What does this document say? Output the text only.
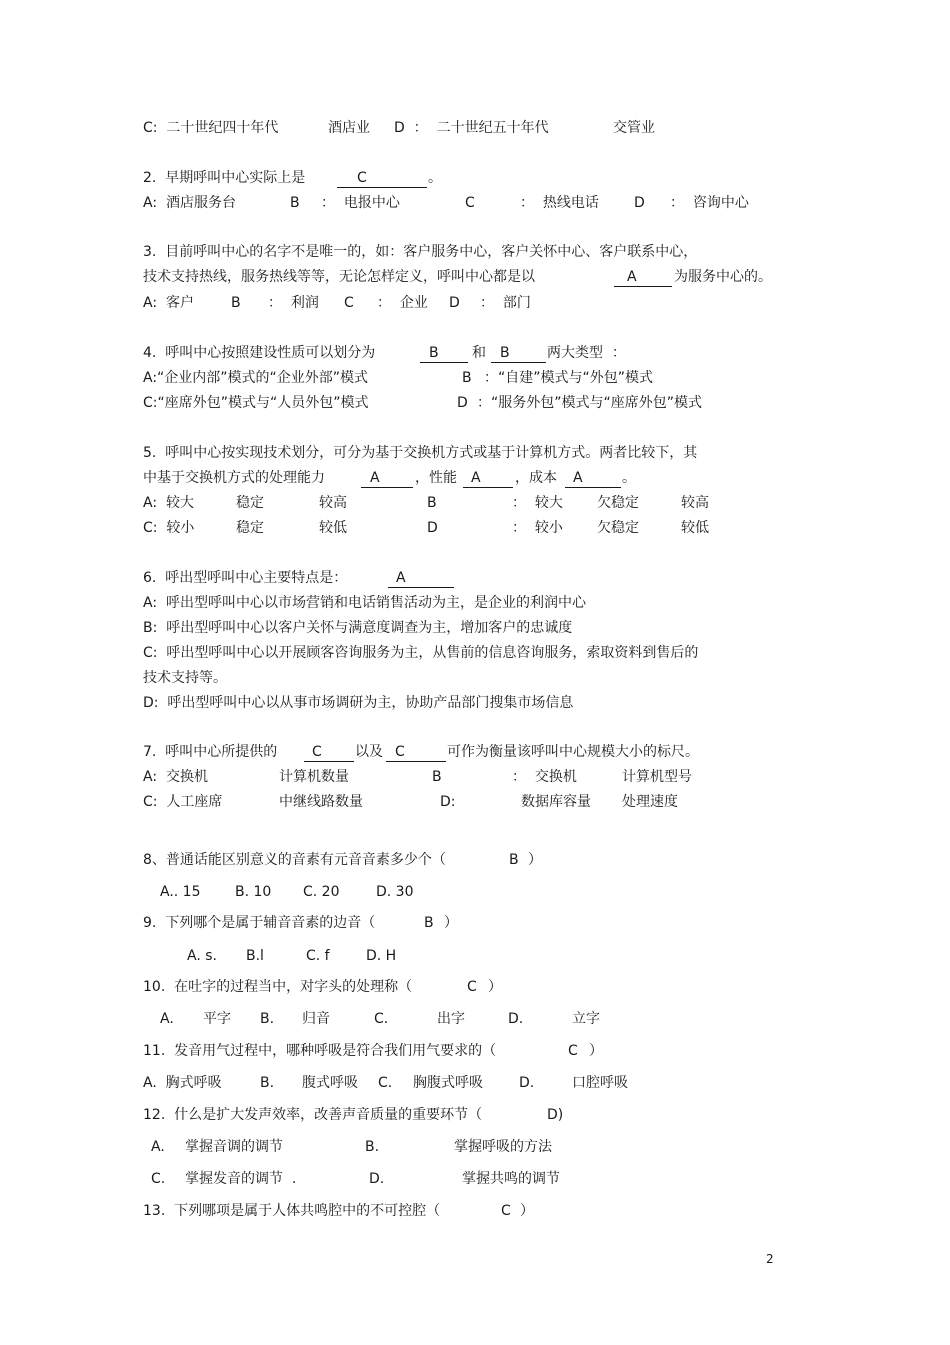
C:  二十世纪四十年代	酒店业 D  ：  二十世纪五十年代	交管业
2.  早期呼叫中心实际上是	C	。
A:  酒店服务台	B ：  电报中心	C	：  热线电话	D ：  咨询中心
3.  目前呼叫中心的名字不是唯一的，如：客户服务中心，客户关怀中心、客户联系中心，
技术支持热线，服务热线等等，无论怎样定义，呼叫中心都是以	A	为服务中心的。
A:  客户	B ：  利润 C ：  企业 D ：  部门
4.  呼叫中心按照建设性质可以划分为	B 和 B	两大类型  ：
A:“企业内部”模式的“企业外部”模式	B ：“自建”模式与“外包”模式
C:“座席外包”模式与“人员外包”模式	D ：“服务外包”模式与“座席外包”模式
5.  呼叫中心按实现技术划分，可分为基于交换机方式或基于计算机方式。两者比较下，其
中基于交换机方式的处理能力	A	，性能 A ，成本 A	。
A:  较大	稳定	较高	B	：  较大 欠稳定	较高
C:  较小	稳定	较低	D	：  较小 欠稳定	较低
6.  呼出型呼叫中心主要特点是：	A
A:  呼出型呼叫中心以市场营销和电话销售活动为主，是企业的利润中心
B:  呼出型呼叫中心以客户关怀与满意度调查为主，增加客户的忠诚度
C:  呼出型呼叫中心以开展顾客咨询服务为主，从售前的信息咨询服务，索取资料到售后的
技术支持等。
D:  呼出型呼叫中心以从事市场调研为主，协助产品部门搜集市场信息
7.  呼叫中心所提供的 C 以及 C	可作为衡量该呼叫中心规模大小的标尺。
A:  交换机	计算机数量	B	：  交换机	计算机型号
C:  人工座席	中继线路数量	D:	数据库容量 处理速度
8、普通话能区别意义的音素有元音音素多少个（	B ）
A.. 15 B. 10 C. 20	D. 30
9.  下列哪个是属于辅音音素的边音（	B ）
A. s. B.l	C. f	D. H
10.  在吐字的过程当中，对字头的处理称（	C ）
A. 平字 B. 归音	C.	出字	D.	立字
11.  发音用气过程中，哪种呼吸是符合我们用气要求的（	C ）
A.  胸式呼吸	B. 腹式呼吸 C. 胸腹式呼吸	D.	口腔呼吸
12.  什么是扩大发声效率，改善声音质量的重要环节（	D)
A. 掌握音调的调节	B.	掌握呼吸的方法
C. 掌握发音的调节  .	D.	掌握共鸣的调节
13.  下列哪项是属于人体共鸣腔中的不可控腔（	C ）
2
